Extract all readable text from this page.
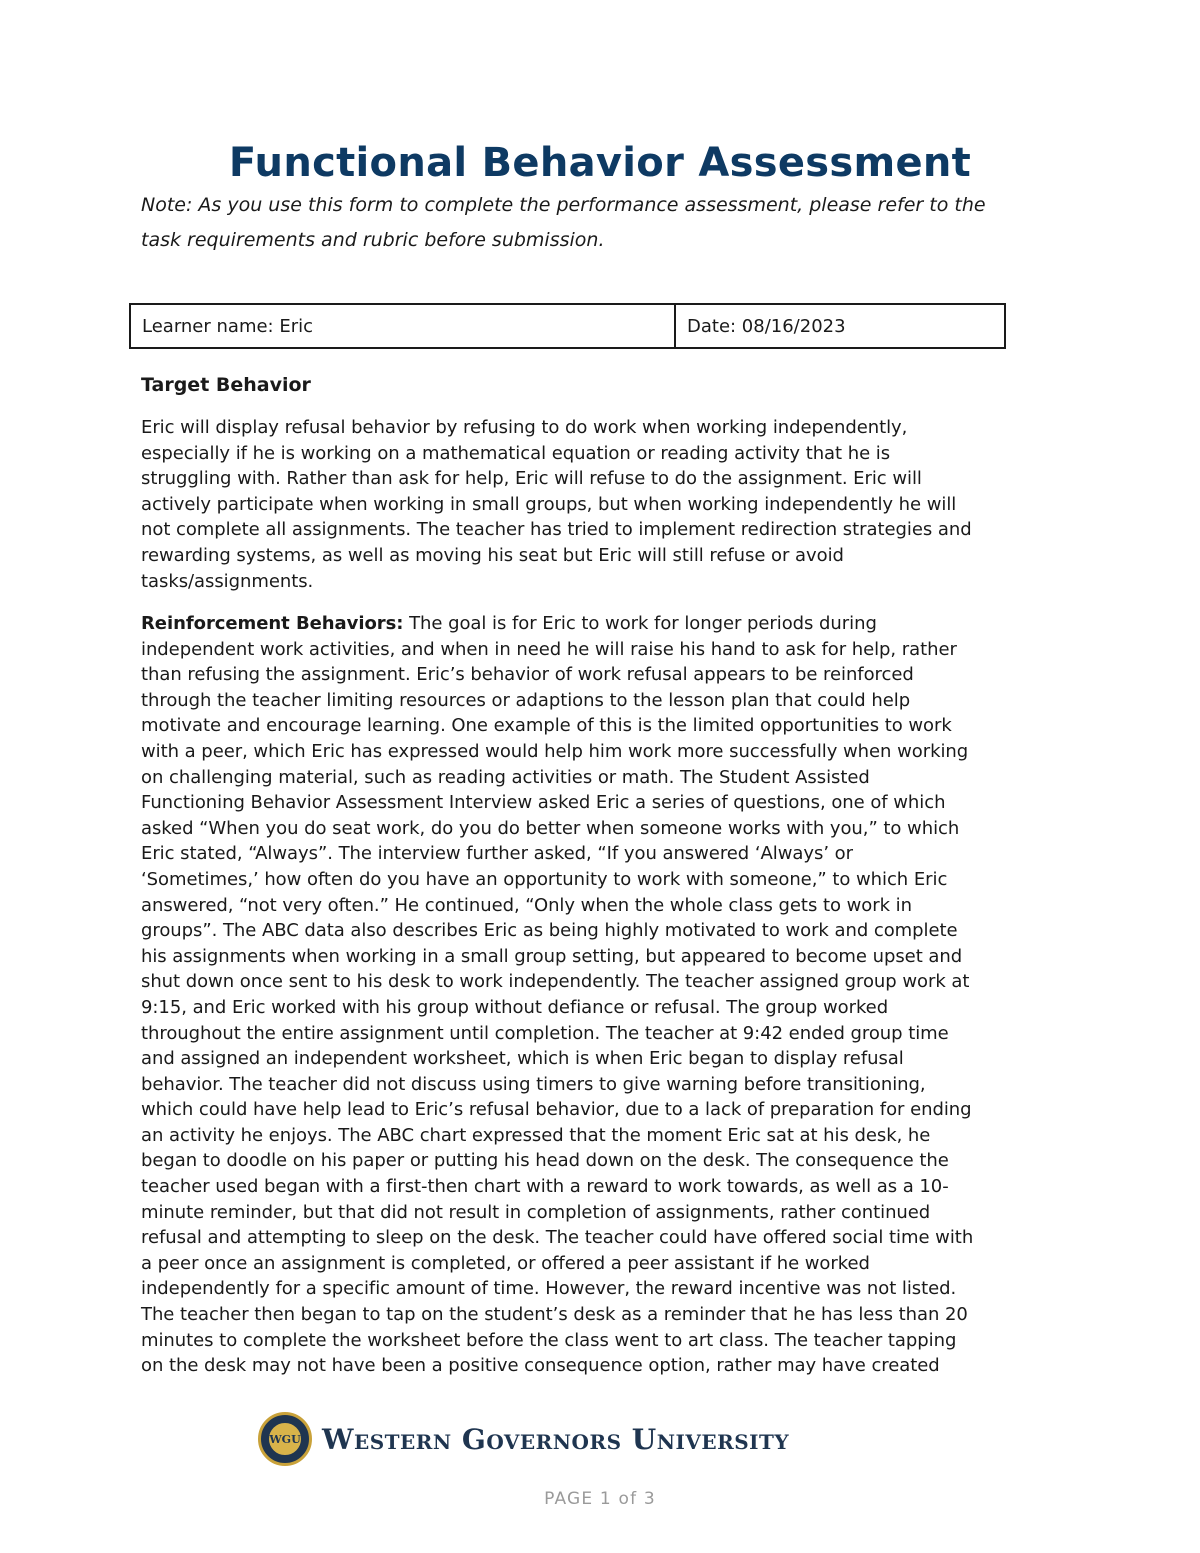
Functional Behavior Assessment
Note: As you use this form to complete the performance assessment, please refer to the
task requirements and rubric before submission.
Learner name: Eric	Date: 08/16/2023
Target Behavior

Eric will display refusal behavior by refusing to do work when working independently,
especially if he is working on a mathematical equation or reading activity that he is
struggling with. Rather than ask for help, Eric will refuse to do the assignment. Eric will
actively participate when working in small groups, but when working independently he will
not complete all assignments. The teacher has tried to implement redirection strategies and
rewarding systems, as well as moving his seat but Eric will still refuse or avoid
tasks/assignments.

Reinforcement Behaviors: The goal is for Eric to work for longer periods during
independent work activities, and when in need he will raise his hand to ask for help, rather
than refusing the assignment. Eric’s behavior of work refusal appears to be reinforced
through the teacher limiting resources or adaptions to the lesson plan that could help
motivate and encourage learning. One example of this is the limited opportunities to work
with a peer, which Eric has expressed would help him work more successfully when working
on challenging material, such as reading activities or math. The Student Assisted
Functioning Behavior Assessment Interview asked Eric a series of questions, one of which
asked “When you do seat work, do you do better when someone works with you,” to which
Eric stated, “Always”. The interview further asked, “If you answered ‘Always’ or
‘Sometimes,’ how often do you have an opportunity to work with someone,” to which Eric
answered, “not very often.” He continued, “Only when the whole class gets to work in
groups”. The ABC data also describes Eric as being highly motivated to work and complete
his assignments when working in a small group setting, but appeared to become upset and
shut down once sent to his desk to work independently. The teacher assigned group work at
9:15, and Eric worked with his group without defiance or refusal. The group worked
throughout the entire assignment until completion. The teacher at 9:42 ended group time
and assigned an independent worksheet, which is when Eric began to display refusal
behavior. The teacher did not discuss using timers to give warning before transitioning,
which could have help lead to Eric’s refusal behavior, due to a lack of preparation for ending
an activity he enjoys. The ABC chart expressed that the moment Eric sat at his desk, he
began to doodle on his paper or putting his head down on the desk. The consequence the
teacher used began with a first-then chart with a reward to work towards, as well as a 10-
minute reminder, but that did not result in completion of assignments, rather continued
refusal and attempting to sleep on the desk. The teacher could have offered social time with
a peer once an assignment is completed, or offered a peer assistant if he worked
independently for a specific amount of time. However, the reward incentive was not listed.
The teacher then began to tap on the student’s desk as a reminder that he has less than 20
minutes to complete the worksheet before the class went to art class. The teacher tapping
on the desk may not have been a positive consequence option, rather may have created

WGU Western Governors University
PAGE 1 of 3
